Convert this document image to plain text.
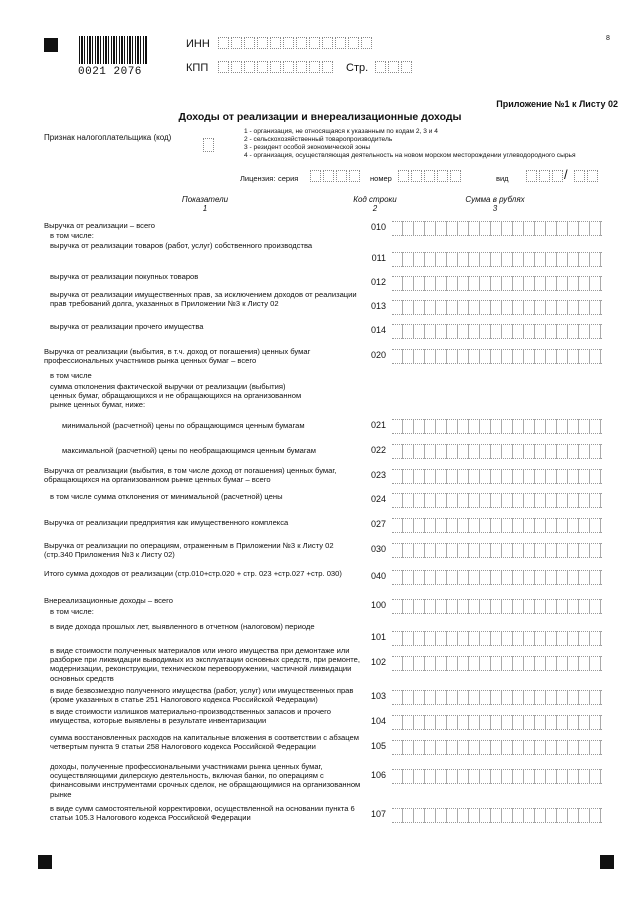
0021 2076
8
ИНН
КПП	Стр.
Приложение №1 к Листу 02
Доходы от реализации и внереализационные доходы
Признак налогоплательщика (код)
1 - организация, не относящаяся к указанным по кодам 2, 3 и 4
2 - сельскохозяйственный товаропроизводитель
3 - резидент особой экономической зоны
4 - организация, осуществляющая деятельность на новом морском месторождении углеводородного сырья
Лицензия: серия	номер	вид	/
Показатели
1
Код строки
2
Сумма в рублях
3
Выручка от реализации – всего	010
в том числе:
выручка от реализации товаров (работ, услуг) собственного производства
011
выручка от реализации покупных товаров
012
выручка от реализации имущественных прав, за исключением доходов от реализации прав требований долга, указанных в Приложении №3 к Листу 02	013
выручка от реализации прочего имущества	014
Выручка от реализации (выбытия, в т.ч. доход от погашения) ценных бумаг профессиональных участников рынка ценных бумаг – всего
020
в том числе
сумма отклонения фактической выручки от реализации (выбытия) ценных бумаг, обращающихся и не обращающихся на организованном рынке ценных бумаг, ниже:
минимальной (расчетной) цены по обращающимся ценным бумагам	021
максимальной (расчетной) цены по необращающимся ценным бумагам	022
Выручка от реализации (выбытия, в том числе доход от погашения) ценных бумаг, обращающихся на организованном рынке ценных бумаг – всего	023
в том числе сумма отклонения от минимальной (расчетной) цены	024
Выручка от реализации предприятия как имущественного комплекса	027
Выручка от реализации по операциям, отраженным в Приложении №3 к Листу 02 (стр.340 Приложения №3 к Листу 02)
030
Итого сумма доходов от реализации (стр.010+стр.020 + стр. 023 +стр.027 +стр. 030)	040
Внереализационные доходы – всего	100
в том числе:
в виде дохода прошлых лет, выявленного в отчетном (налоговом) периоде
101
в виде стоимости полученных материалов или иного имущества при демонтаже или разборке при ликвидации выводимых из эксплуатации основных средств, при ремонте, модернизации, реконструкции, техническом перевооружении, частичной ликвидации основных средств
102
в виде безвозмездно полученного имущества (работ, услуг) или имущественных прав (кроме указанных в статье 251 Налогового кодекса Российской Федерации)	103
в виде стоимости излишков материально-производственных запасов и прочего имущества, которые выявлены в результате инвентаризации	104
сумма восстановленных расходов на капитальные вложения в соответствии с абзацем четвертым пункта 9 статьи 258 Налогового кодекса Российской Федерации	105
доходы, полученные профессиональными участниками рынка ценных бумаг, осуществляющими дилерскую деятельность, включая банки, по операциям с финансовыми инструментами срочных сделок, не обращающимися на организованном рынке
106
в виде сумм самостоятельной корректировки, осуществленной на основании пункта 6 статьи 105.3 Налогового кодекса Российской Федерации	107
